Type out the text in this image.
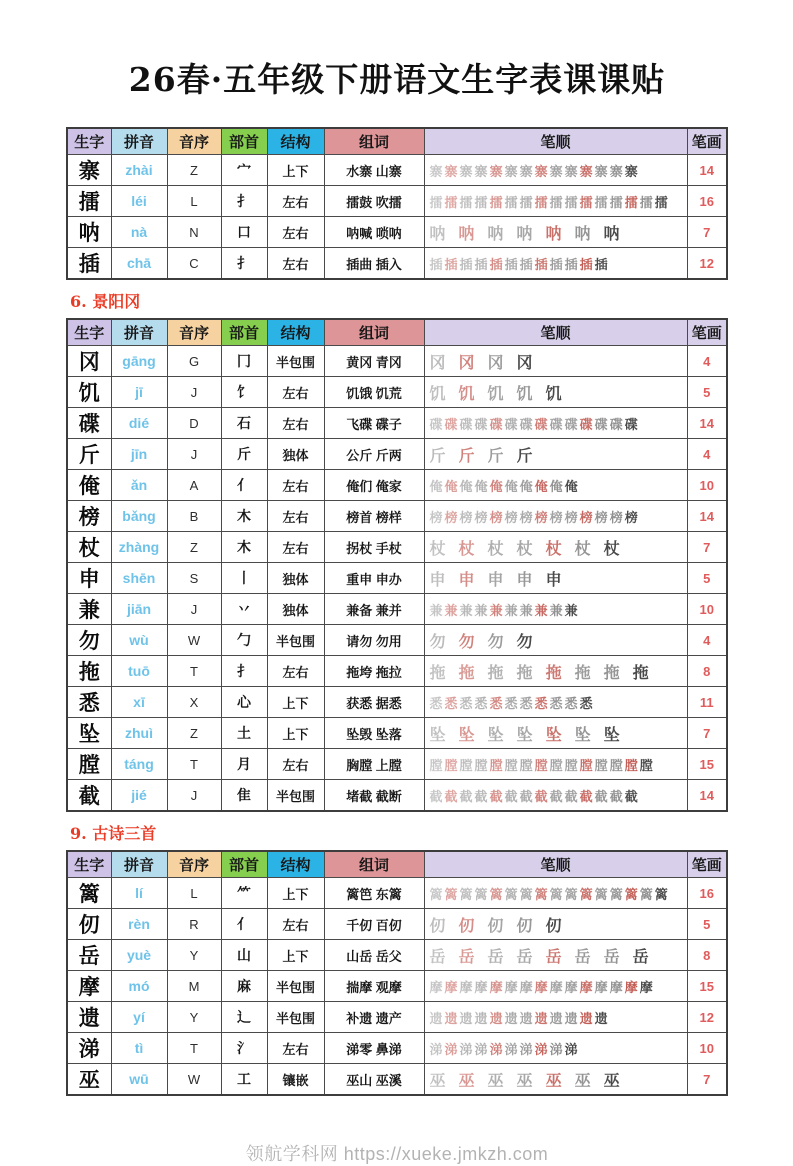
26春·五年级下册语文生字表课课贴
生字	拼音	音序	部首	结构	组词	笔顺	笔画
寨	zhài	Z	宀	上下	水寨 山寨	寨 寨 寨 寨 寨 寨 寨 寨 寨 寨 寨 寨 寨 寨	14
擂	léi	L	扌	左右	擂鼓 吹擂	擂 擂 擂 擂 擂 擂 擂 擂 擂 擂 擂 擂 擂 擂 擂 擂	16
呐	nà	N	口	左右	呐喊 唢呐	呐 呐 呐 呐 呐 呐 呐	7
插	chā	C	扌	左右	插曲 插入	插 插 插 插 插 插 插 插 插 插 插 插	12
6. 景阳冈
生字	拼音	音序	部首	结构	组词	笔顺	笔画
冈	gāng	G	冂	半包围	黄冈 青冈	冈 冈 冈 冈	4
饥	jī	J	饣	左右	饥饿 饥荒	饥 饥 饥 饥 饥	5
碟	dié	D	石	左右	飞碟 碟子	碟 碟 碟 碟 碟 碟 碟 碟 碟 碟 碟 碟 碟 碟	14
斤	jīn	J	斤	独体	公斤 斤两	斤 斤 斤 斤	4
俺	ǎn	A	亻	左右	俺们 俺家	俺 俺 俺 俺 俺 俺 俺 俺 俺 俺	10
榜	bǎng	B	木	左右	榜首 榜样	榜 榜 榜 榜 榜 榜 榜 榜 榜 榜 榜 榜 榜 榜	14
杖	zhàng	Z	木	左右	拐杖 手杖	杖 杖 杖 杖 杖 杖 杖	7
申	shēn	S	丨	独体	重申 申办	申 申 申 申 申	5
兼	jiān	J	丷	独体	兼备 兼并	兼 兼 兼 兼 兼 兼 兼 兼 兼 兼	10
勿	wù	W	勹	半包围	请勿 勿用	勿 勿 勿 勿	4
拖	tuō	T	扌	左右	拖垮 拖拉	拖 拖 拖 拖 拖 拖 拖 拖	8
悉	xī	X	心	上下	获悉 据悉	悉 悉 悉 悉 悉 悉 悉 悉 悉 悉 悉	11
坠	zhuì	Z	土	上下	坠毁 坠落	坠 坠 坠 坠 坠 坠 坠	7
膛	táng	T	月	左右	胸膛 上膛	膛 膛 膛 膛 膛 膛 膛 膛 膛 膛 膛 膛 膛 膛 膛	15
截	jié	J	隹	半包围	堵截 截断	截 截 截 截 截 截 截 截 截 截 截 截 截 截	14
9. 古诗三首
生字	拼音	音序	部首	结构	组词	笔顺	笔画
篱	lí	L	⺮	上下	篱笆 东篱	篱 篱 篱 篱 篱 篱 篱 篱 篱 篱 篱 篱 篱 篱 篱 篱	16
仞	rèn	R	亻	左右	千仞 百仞	仞 仞 仞 仞 仞	5
岳	yuè	Y	山	上下	山岳 岳父	岳 岳 岳 岳 岳 岳 岳 岳	8
摩	mó	M	麻	半包围	揣摩 观摩	摩 摩 摩 摩 摩 摩 摩 摩 摩 摩 摩 摩 摩 摩 摩	15
遗	yí	Y	辶	半包围	补遗 遗产	遗 遗 遗 遗 遗 遗 遗 遗 遗 遗 遗 遗	12
涕	tì	T	氵	左右	涕零 鼻涕	涕 涕 涕 涕 涕 涕 涕 涕 涕 涕	10
巫	wū	W	工	镶嵌	巫山 巫溪	巫 巫 巫 巫 巫 巫 巫	7
领航学科网 https://xueke.jmkzh.com
